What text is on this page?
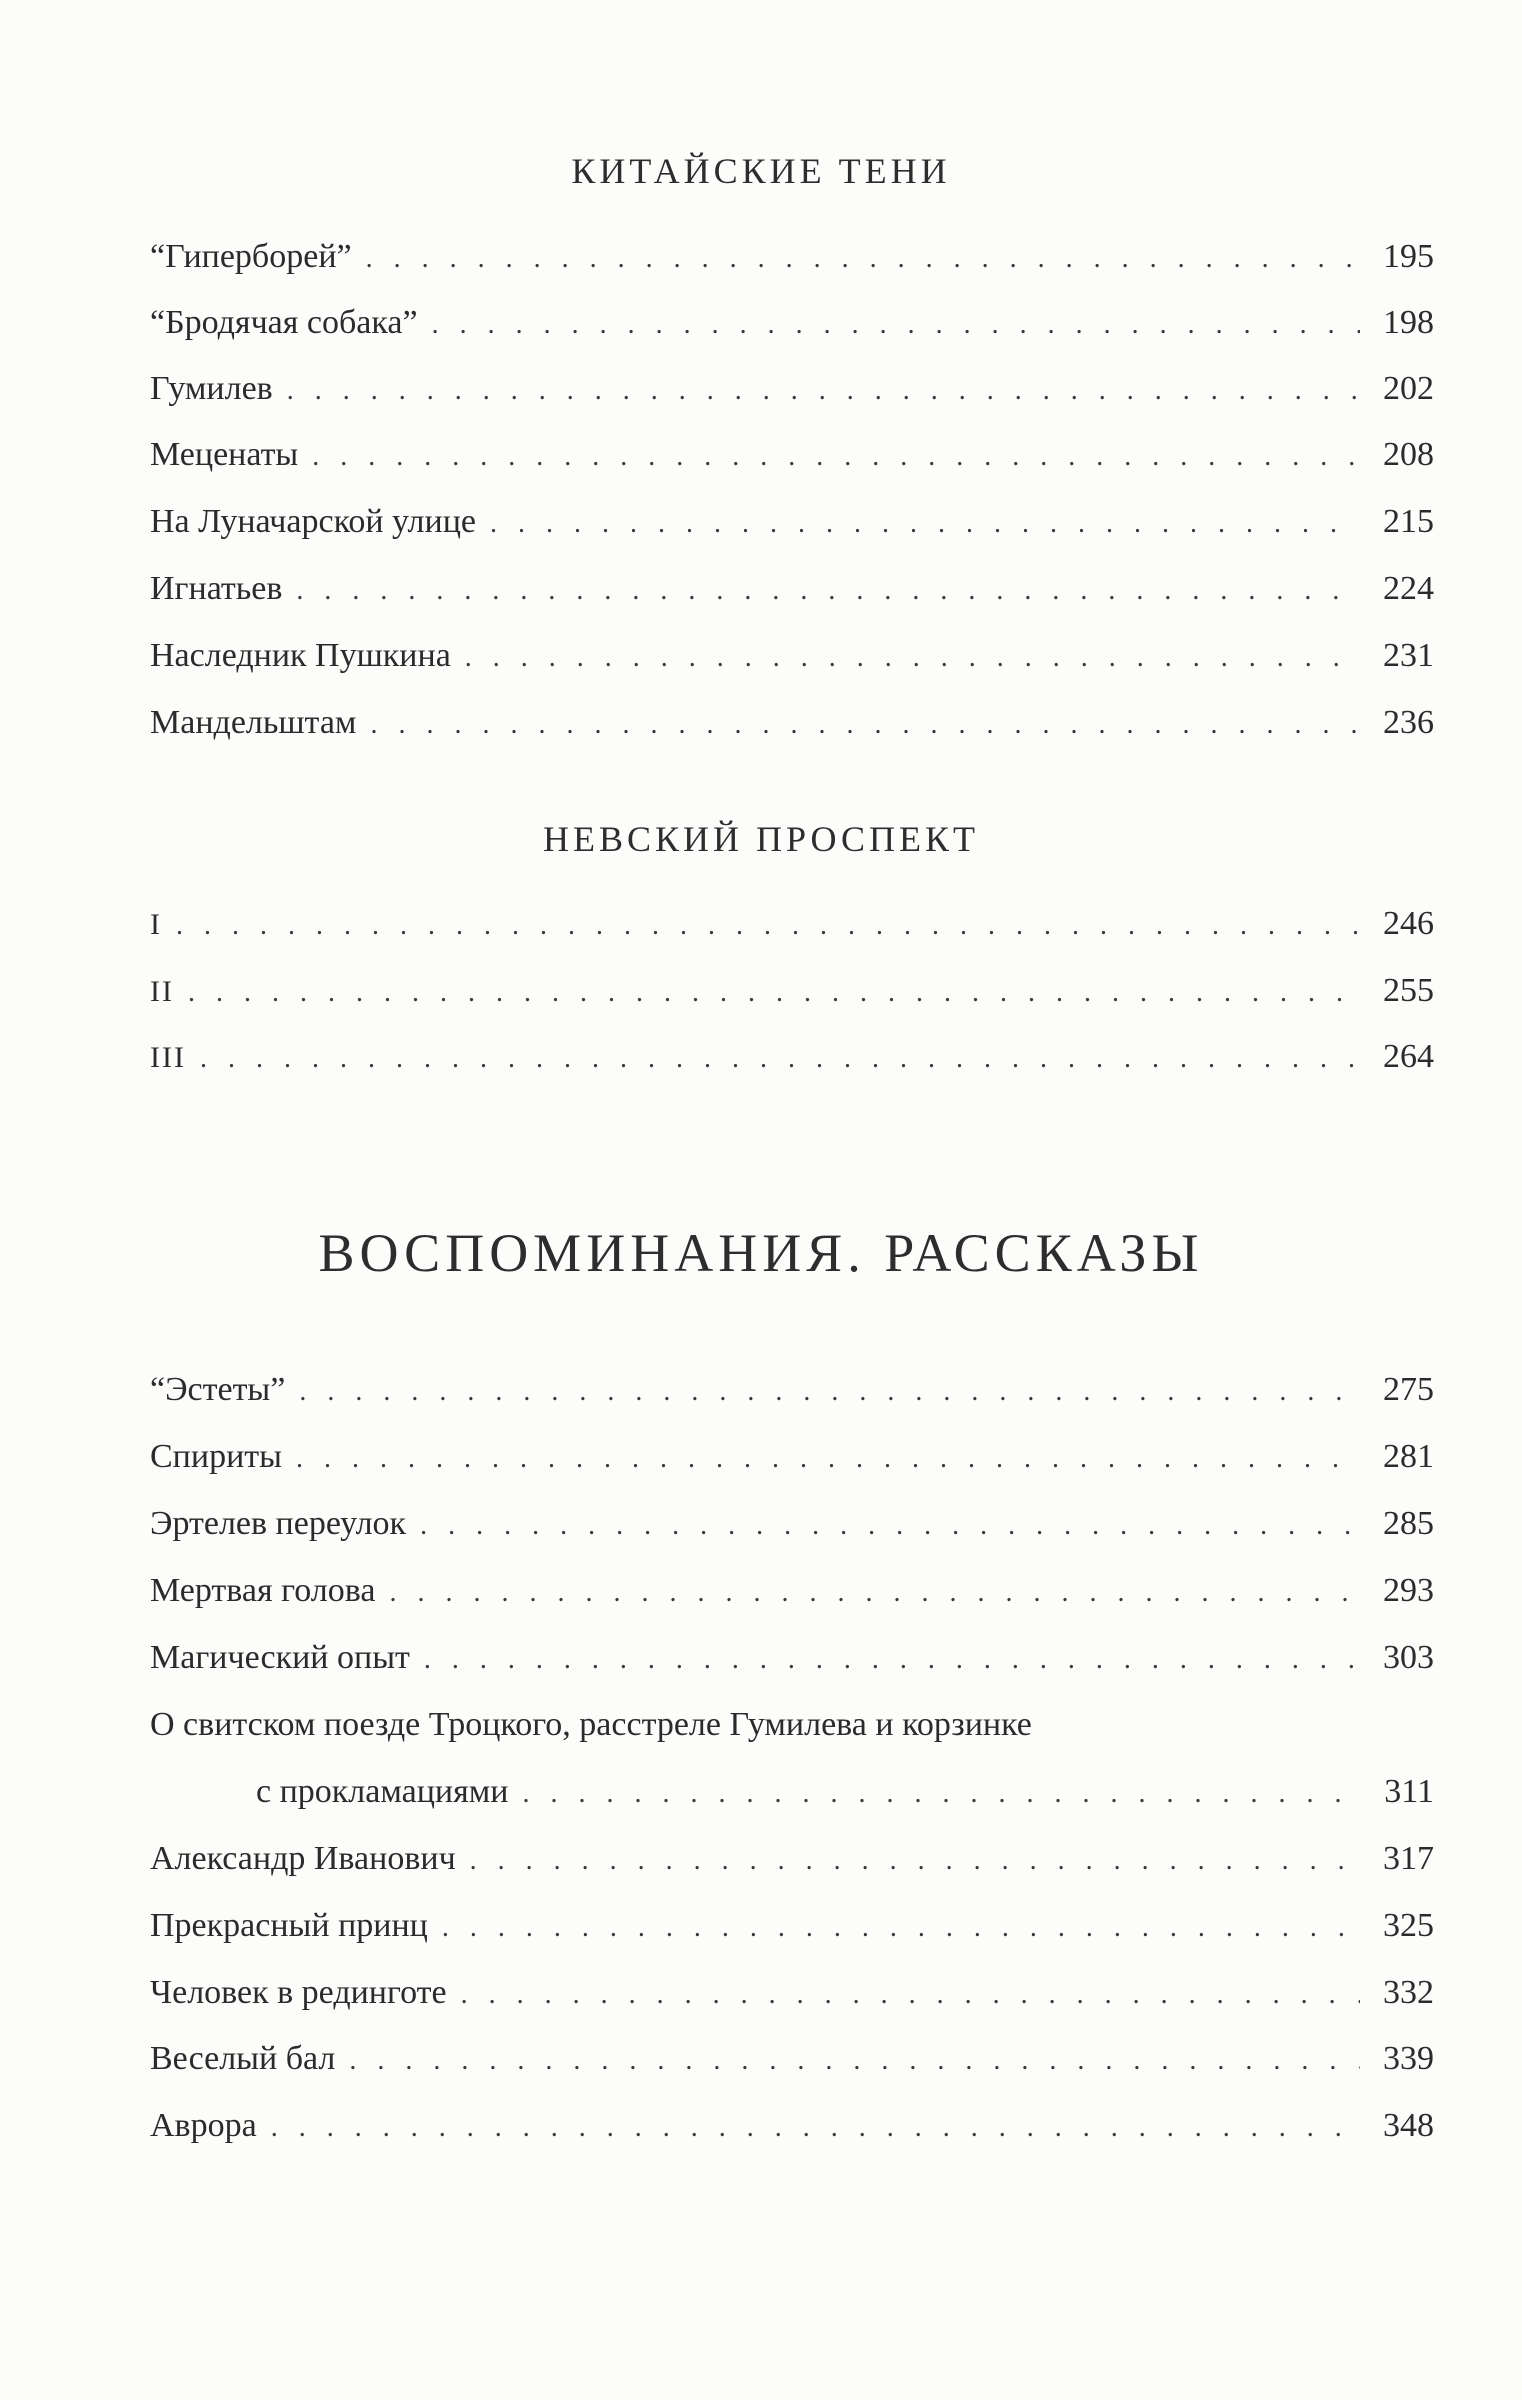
КИТАЙСКИЕ ТЕНИ
“Гиперборей” . . .	195
“Бродячая собака” . . .	198
Гумилев . . .	202
Меценаты . . .	208
На Луначарской улице . . .	215
Игнатьев . . .	224
Наследник Пушкина . . .	231
Мандельштам . . .	236
НЕВСКИЙ ПРОСПЕКТ
I . . .	246
II . . .	255
III . . .	264
ВОСПОМИНАНИЯ. РАССКАЗЫ
“Эстеты” . . .	275
Спириты . . .	281
Эртелев переулок . . .	285
Мертвая голова . . .	293
Магический опыт . . .	303
О свитском поезде Троцкого, расстреле Гумилева и корзинке
с прокламациями . . .	311
Александр Иванович . . .	317
Прекрасный принц . . .	325
Человек в рединготе . . .	332
Веселый бал . . .	339
Аврора . . .	348
